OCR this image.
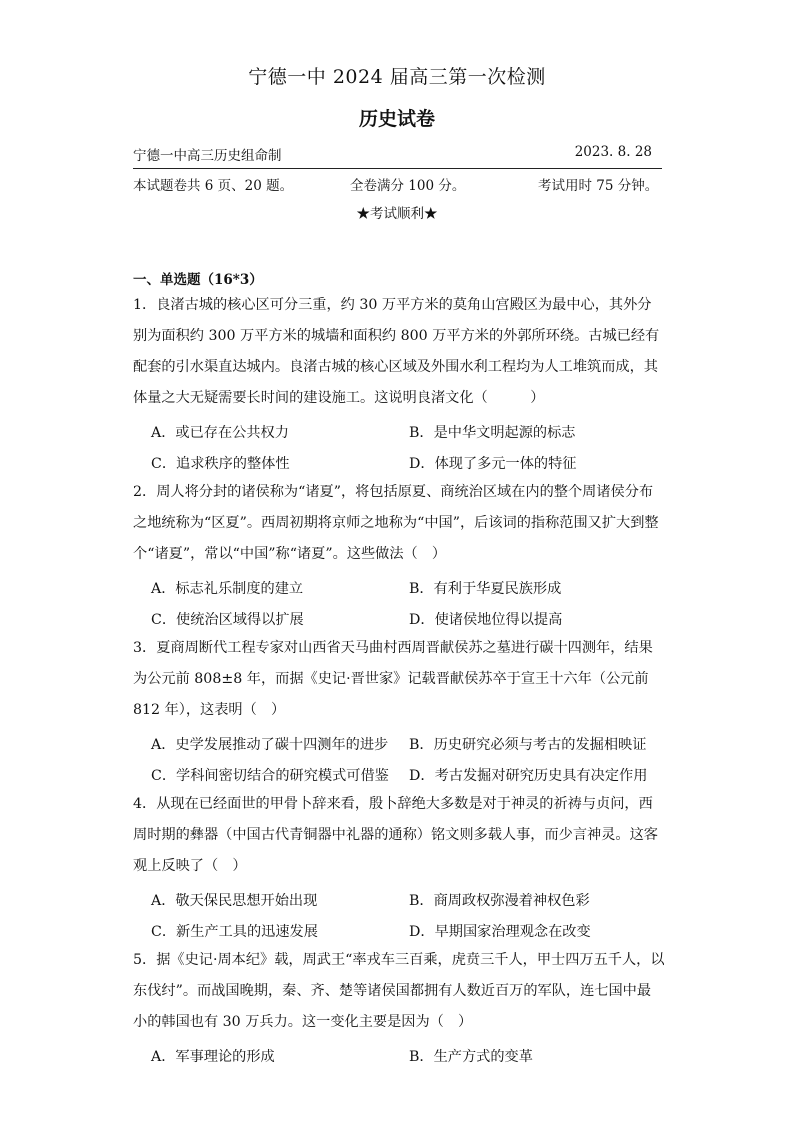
宁德一中 2024 届高三第一次检测
历史试卷
宁德一中高三历史组命制	2023. 8. 28
本试题卷共 6 页、20 题。	全卷满分 100 分。	考试用时 75 分钟。
★考试顺利★
一、单选题（16*3）
1．良渚古城的核心区可分三重，约 30 万平方米的莫角山宫殿区为最中心，其外分别为面积约 300 万平方米的城墙和面积约 800 万平方米的外郭所环绕。古城已经有配套的引水渠直达城内。良渚古城的核心区域及外围水利工程均为人工堆筑而成，其体量之大无疑需要长时间的建设施工。这说明良渚文化（　　　）
A．或已存在公共权力	B．是中华文明起源的标志
C．追求秩序的整体性	D．体现了多元一体的特征
2．周人将分封的诸侯称为“诸夏”，将包括原夏、商统治区域在内的整个周诸侯分布之地统称为“区夏”。西周初期将京师之地称为“中国”，后该词的指称范围又扩大到整个“诸夏”，常以“中国”称“诸夏”。这些做法（　）
A．标志礼乐制度的建立	B．有利于华夏民族形成
C．使统治区域得以扩展	D．使诸侯地位得以提高
3．夏商周断代工程专家对山西省天马曲村西周晋献侯苏之墓进行碳十四测年，结果为公元前 808±8 年，而据《史记·晋世家》记载晋献侯苏卒于宣王十六年（公元前 812 年），这表明（　）
A．史学发展推动了碳十四测年的进步 B．历史研究必须与考古的发掘相映证
C．学科间密切结合的研究模式可借鉴 D．考古发掘对研究历史具有决定作用
4．从现在已经面世的甲骨卜辞来看，殷卜辞绝大多数是对于神灵的祈祷与贞问，西周时期的彝器（中国古代青铜器中礼器的通称）铭文则多载人事，而少言神灵。这客观上反映了（　）
A．敬天保民思想开始出现	B．商周政权弥漫着神权色彩
C．新生产工具的迅速发展	D．早期国家治理观念在改变
5．据《史记·周本纪》载，周武王“率戎车三百乘，虎贲三千人，甲士四万五千人，以东伐纣”。而战国晚期，秦、齐、楚等诸侯国都拥有人数近百万的军队，连七国中最小的韩国也有 30 万兵力。这一变化主要是因为（　）
A．军事理论的形成	B．生产方式的变革
